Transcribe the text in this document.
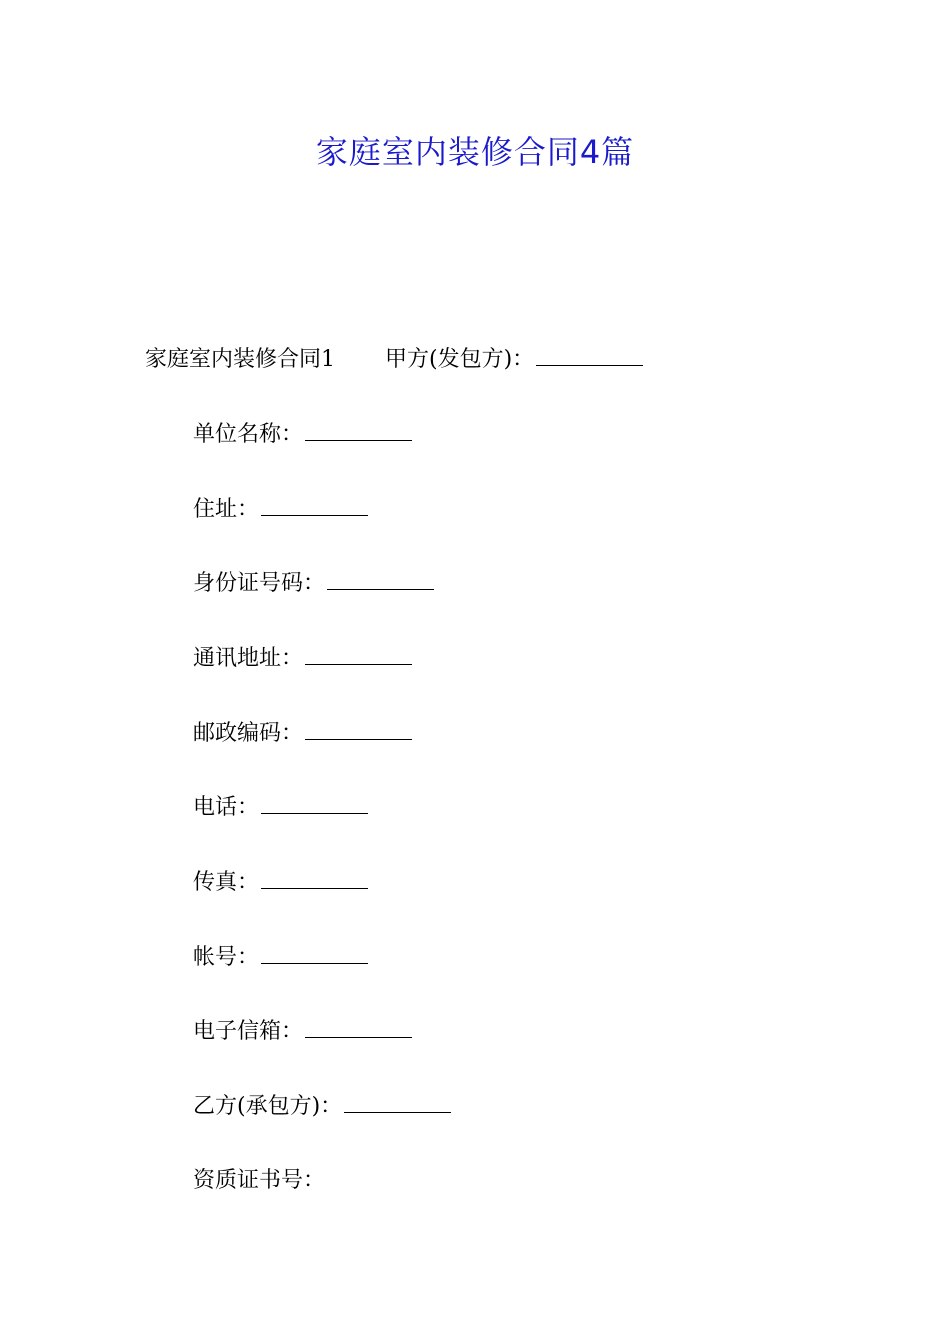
家庭室内装修合同4篇
家庭室内装修合同1 甲方(发包方)：
单位名称：
住址：
身份证号码：
通讯地址：
邮政编码：
电话：
传真：
帐号：
电子信箱：
乙方(承包方)：
资质证书号：
